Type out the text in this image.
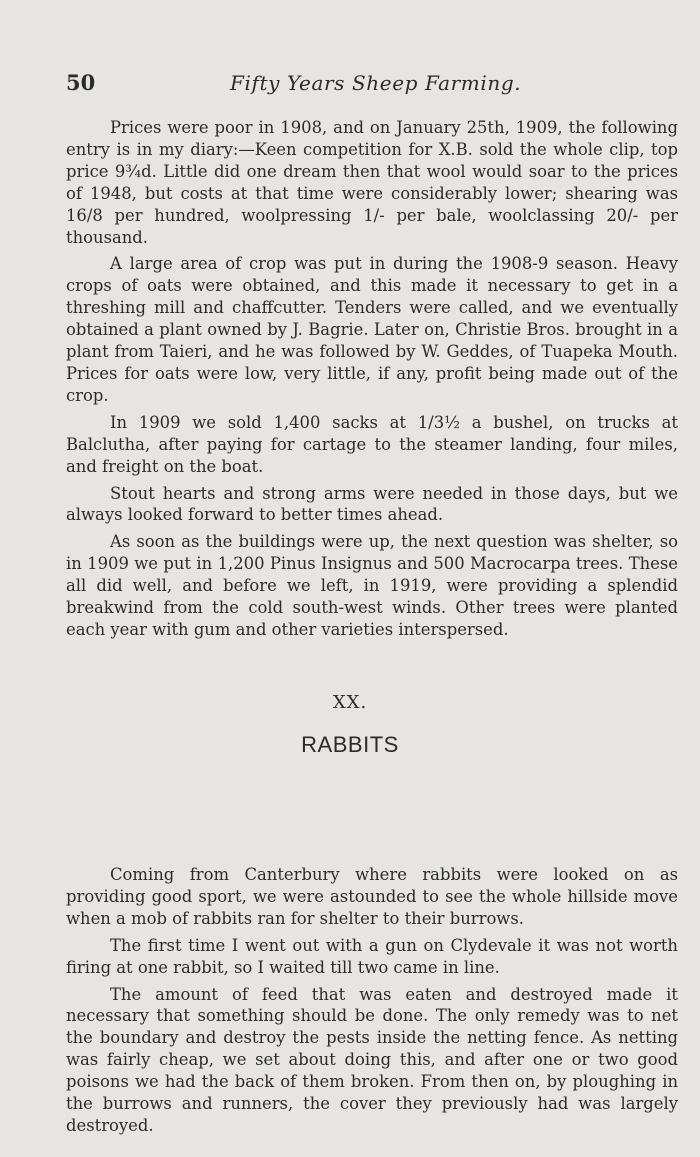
50	Fifty Years Sheep Farming.

Prices were poor in 1908, and on January 25th, 1909, the following entry is in my diary:—Keen competition for X.B. sold the whole clip, top price 9¾d. Little did one dream then that wool would soar to the prices of 1948, but costs at that time were considerably lower; shearing was 16/8 per hundred, woolpressing 1/- per bale, woolclassing 20/- per thousand.

A large area of crop was put in during the 1908-9 season. Heavy crops of oats were obtained, and this made it necessary to get in a threshing mill and chaffcutter. Tenders were called, and we eventually obtained a plant owned by J. Bagrie. Later on, Christie Bros. brought in a plant from Taieri, and he was followed by W. Geddes, of Tuapeka Mouth. Prices for oats were low, very little, if any, profit being made out of the crop.

In 1909 we sold 1,400 sacks at 1/3½ a bushel, on trucks at Balclutha, after paying for cartage to the steamer landing, four miles, and freight on the boat.

Stout hearts and strong arms were needed in those days, but we always looked forward to better times ahead.

As soon as the buildings were up, the next question was shelter, so in 1909 we put in 1,200 Pinus Insignus and 500 Macrocarpa trees. These all did well, and before we left, in 1919, were providing a splendid breakwind from the cold south-west winds. Other trees were planted each year with gum and other varieties interspersed.

XX.
RABBITS

Coming from Canterbury where rabbits were looked on as providing good sport, we were astounded to see the whole hillside move when a mob of rabbits ran for shelter to their burrows.

The first time I went out with a gun on Clydevale it was not worth firing at one rabbit, so I waited till two came in line.

The amount of feed that was eaten and destroyed made it necessary that something should be done. The only remedy was to net the boundary and destroy the pests inside the netting fence. As netting was fairly cheap, we set about doing this, and after one or two good poisons we had the back of them broken. From then on, by ploughing in the burrows and runners, the cover they previously had was largely destroyed.
